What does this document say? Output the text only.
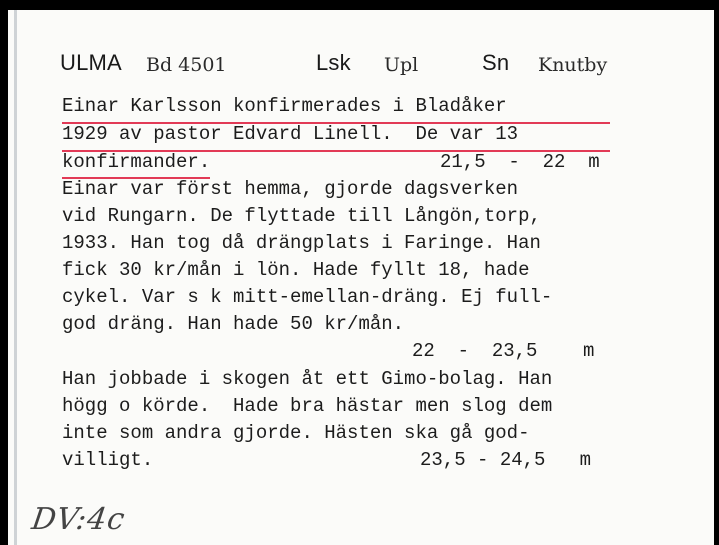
ULMA Bd 4501	Lsk Upl	Sn Knutby
Einar Karlsson konfirmerades i Bladåker
1929 av pastor Edvard Linell.  De var 13
konfirmander.	21,5  -  22  m
Einar var först hemma, gjorde dagsverken
vid Rungarn. De flyttade till Långön,torp,
1933. Han tog då drängplats i Faringe. Han
fick 30 kr/mån i lön. Hade fyllt 18, hade
cykel. Var s k mitt-emellan-dräng. Ej full-
god dräng. Han hade 50 kr/mån.
22  -  23,5    m
Han jobbade i skogen åt ett Gimo-bolag. Han
högg o körde.  Hade bra hästar men slog dem
inte som andra gjorde. Hästen ska gå god-
villigt.	23,5 - 24,5   m
DV:4c
